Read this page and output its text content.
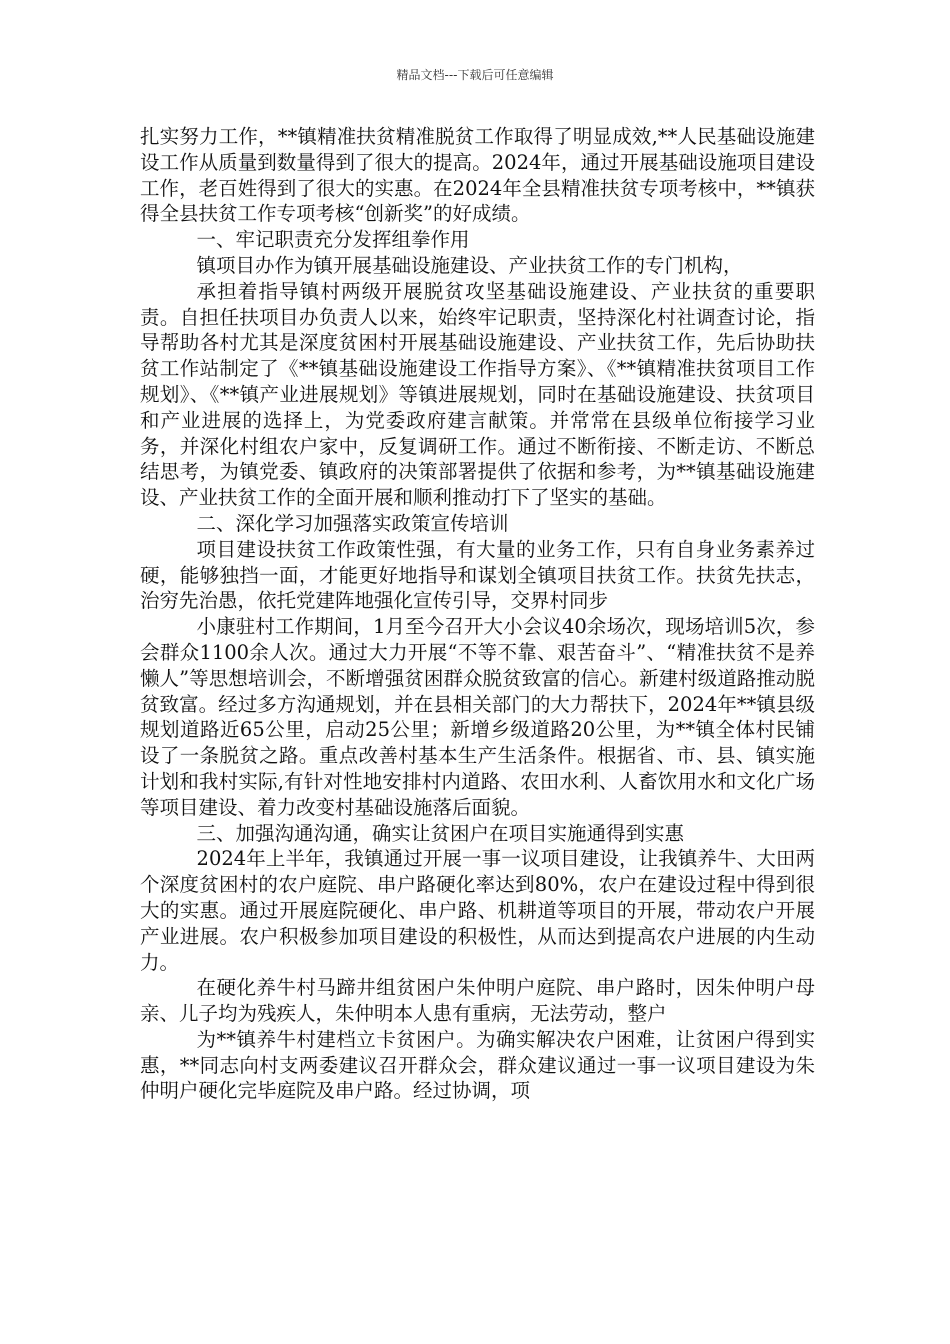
精品文档---下载后可任意编辑

扎实努力工作，**镇精准扶贫精准脱贫工作取得了明显成效,**人民基础设施建设工作从质量到数量得到了很大的提高。2024年，通过开展基础设施项目建设工作，老百姓得到了很大的实惠。在2024年全县精准扶贫专项考核中，**镇获得全县扶贫工作专项考核“创新奖”的好成绩。

一、牢记职责充分发挥组拳作用

镇项目办作为镇开展基础设施建设、产业扶贫工作的专门机构，

承担着指导镇村两级开展脱贫攻坚基础设施建设、产业扶贫的重要职责。自担任扶项目办负责人以来，始终牢记职责，坚持深化村社调查讨论，指导帮助各村尤其是深度贫困村开展基础设施建设、产业扶贫工作，先后协助扶贫工作站制定了《**镇基础设施建设工作指导方案》、《**镇精准扶贫项目工作规划》、《**镇产业进展规划》等镇进展规划，同时在基础设施建设、扶贫项目和产业进展的选择上，为党委政府建言献策。并常常在县级单位衔接学习业务，并深化村组农户家中，反复调研工作。通过不断衔接、不断走访、不断总结思考，为镇党委、镇政府的决策部署提供了依据和参考，为**镇基础设施建设、产业扶贫工作的全面开展和顺利推动打下了坚实的基础。

二、深化学习加强落实政策宣传培训

项目建设扶贫工作政策性强，有大量的业务工作，只有自身业务素养过硬，能够独挡一面，才能更好地指导和谋划全镇项目扶贫工作。扶贫先扶志，治穷先治愚，依托党建阵地强化宣传引导，交界村同步

小康驻村工作期间，1月至今召开大小会议40余场次，现场培训5次，参会群众1100余人次。通过大力开展“不等不靠、艰苦奋斗”、“精准扶贫不是养懒人”等思想培训会，不断增强贫困群众脱贫致富的信心。新建村级道路推动脱贫致富。经过多方沟通规划，并在县相关部门的大力帮扶下，2024年**镇县级规划道路近65公里，启动25公里；新增乡级道路20公里，为**镇全体村民铺设了一条脱贫之路。重点改善村基本生产生活条件。根据省、市、县、镇实施计划和我村实际,有针对性地安排村内道路、农田水利、人畜饮用水和文化广场等项目建设、着力改变村基础设施落后面貌。

三、加强沟通沟通，确实让贫困户在项目实施通得到实惠

2024年上半年，我镇通过开展一事一议项目建设，让我镇养牛、大田两个深度贫困村的农户庭院、串户路硬化率达到80%，农户在建设过程中得到很大的实惠。通过开展庭院硬化、串户路、机耕道等项目的开展，带动农户开展产业进展。农户积极参加项目建设的积极性，从而达到提高农户进展的内生动力。

在硬化养牛村马蹄井组贫困户朱仲明户庭院、串户路时，因朱仲明户母亲、儿子均为残疾人，朱仲明本人患有重病，无法劳动，整户

为**镇养牛村建档立卡贫困户。为确实解决农户困难，让贫困户得到实惠，**同志向村支两委建议召开群众会，群众建议通过一事一议项目建设为朱仲明户硬化完毕庭院及串户路。经过协调，项
